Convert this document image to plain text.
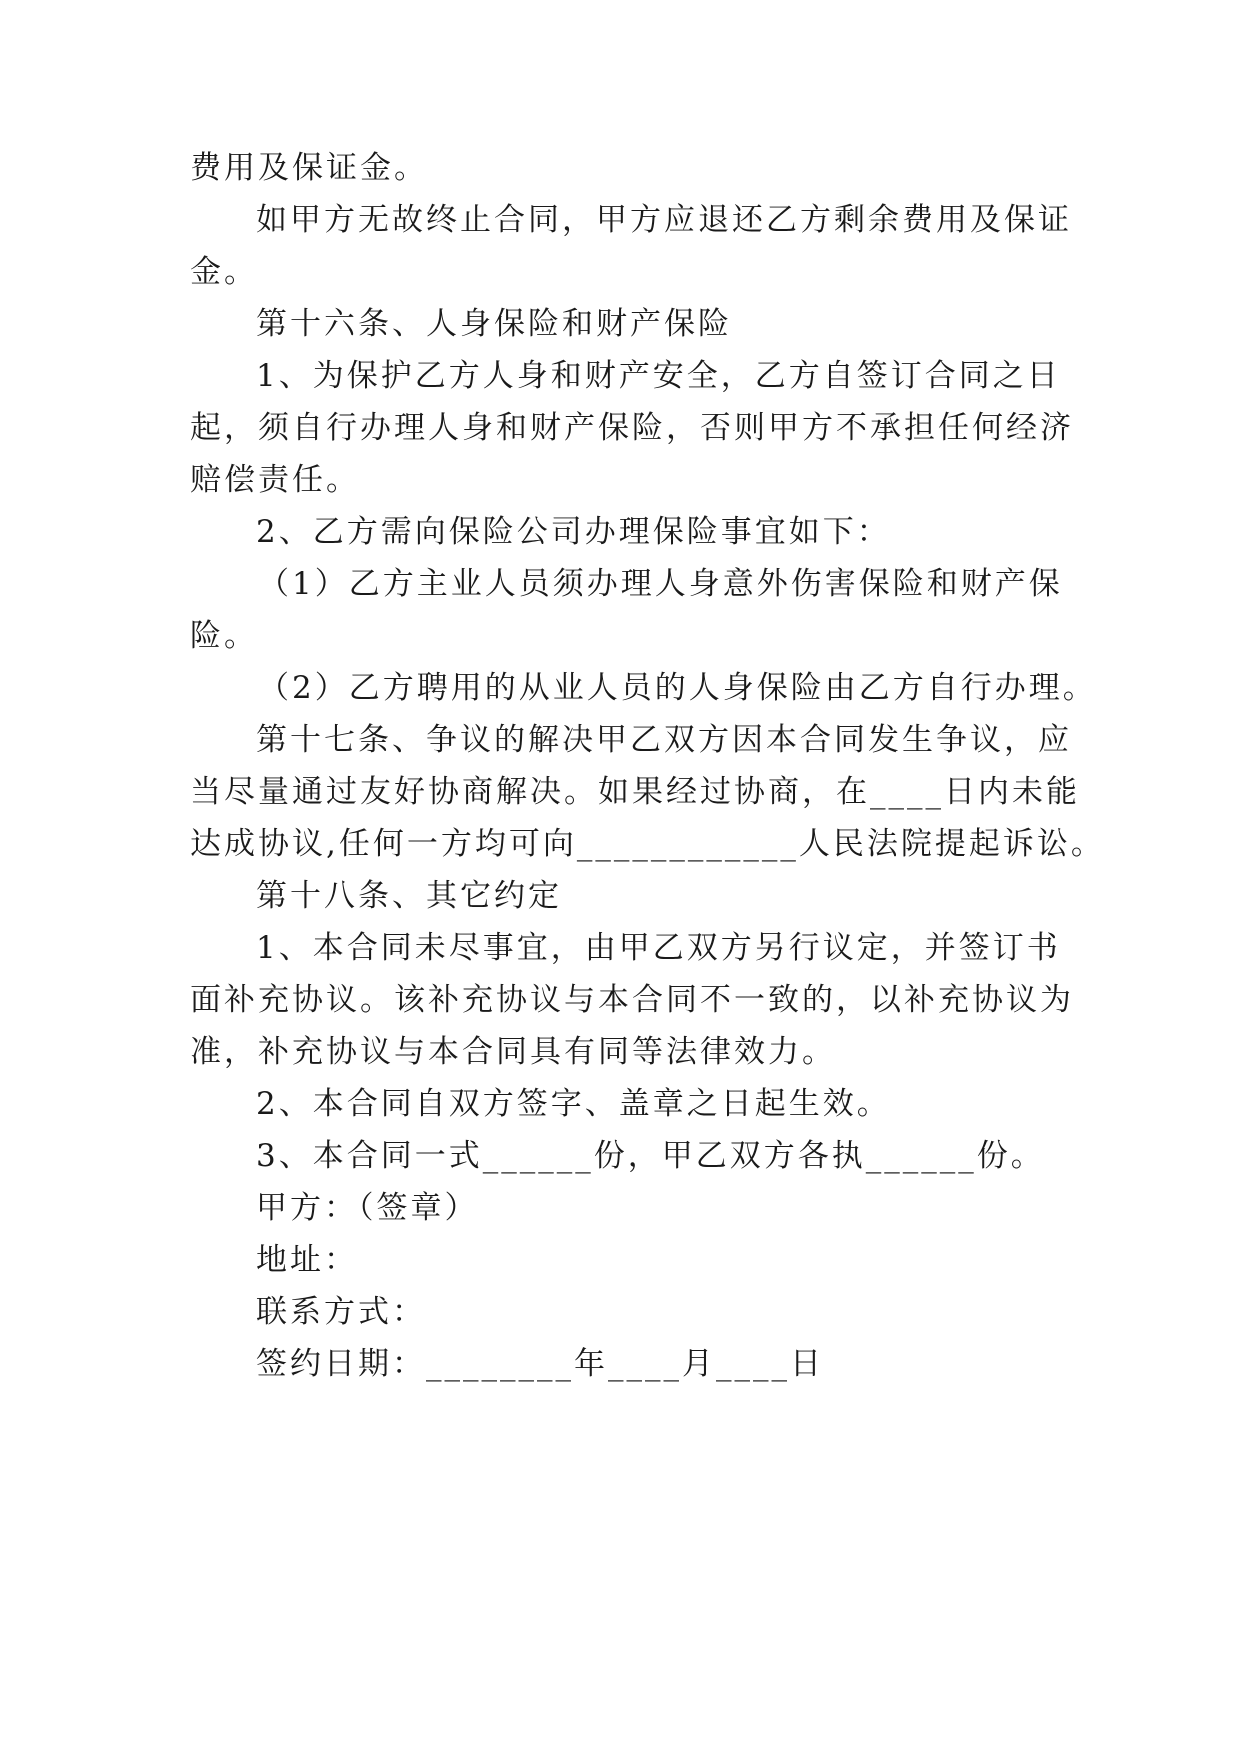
费用及保证金。
如甲方无故终止合同，甲方应退还乙方剩余费用及保证
金。
第十六条、人身保险和财产保险
1、为保护乙方人身和财产安全，乙方自签订合同之日
起，须自行办理人身和财产保险，否则甲方不承担任何经济
赔偿责任。
2、乙方需向保险公司办理保险事宜如下：
（1）乙方主业人员须办理人身意外伤害保险和财产保
险。
（2）乙方聘用的从业人员的人身保险由乙方自行办理。
第十七条、争议的解决甲乙双方因本合同发生争议，应
当尽量通过友好协商解决。如果经过协商，在____日内未能
达成协议,任何一方均可向____________人民法院提起诉讼。
第十八条、其它约定
1、本合同未尽事宜，由甲乙双方另行议定，并签订书
面补充协议。该补充协议与本合同不一致的，以补充协议为
准，补充协议与本合同具有同等法律效力。
2、本合同自双方签字、盖章之日起生效。
3、本合同一式______份，甲乙双方各执______份。
甲方：（签章）
地址：
联系方式：
签约日期：________年____月____日
